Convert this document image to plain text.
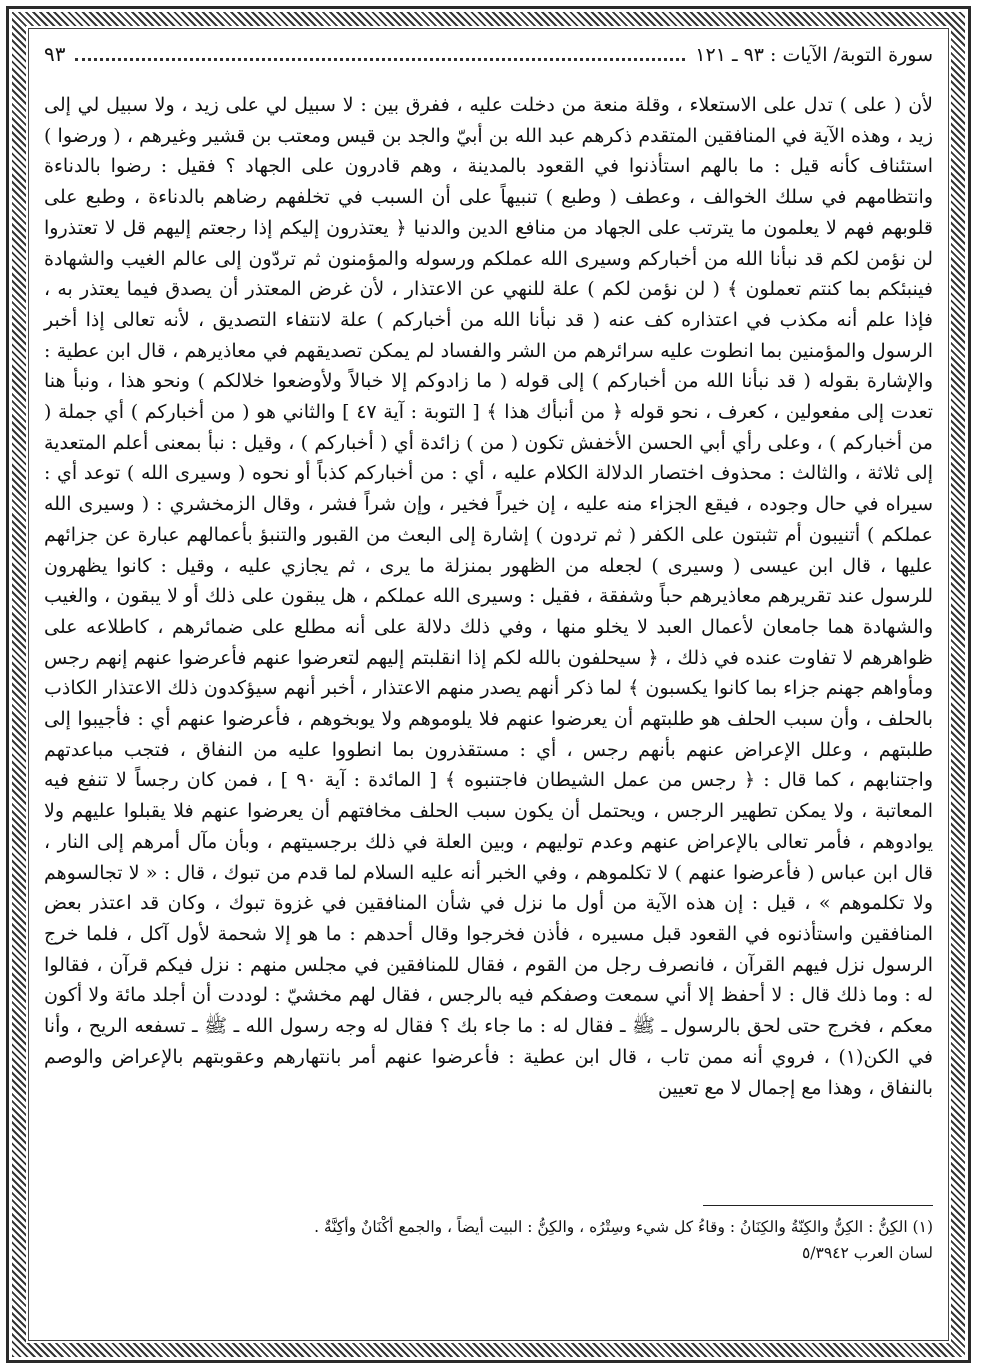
سورة التوبة/ الآيات : ٩٣ ـ ١٢١
٩٣

لأن ( على ) تدل على الاستعلاء ، وقلة منعة من دخلت عليه ، ففرق بين : لا سبيل لي على زيد ، ولا سبيل لي إلى زيد ، وهذه الآية في المنافقين المتقدم ذكرهم عبد الله بن أبيّ والجد بن قيس ومعتب بن قشير وغيرهم ، ( ورضوا ) استئناف كأنه قيل : ما بالهم استأذنوا في القعود بالمدينة ، وهم قادرون على الجهاد ؟ فقيل : رضوا بالدناءة وانتظامهم في سلك الخوالف ، وعطف ( وطبع ) تنبيهاً على أن السبب في تخلفهم رضاهم بالدناءة ، وطبع على قلوبهم فهم لا يعلمون ما يترتب على الجهاد من منافع الدين والدنيا ﴿ يعتذرون إليكم إذا رجعتم إليهم قل لا تعتذروا لن نؤمن لكم قد نبأنا الله من أخباركم وسيرى الله عملكم ورسوله والمؤمنون ثم تردّون إلى عالم الغيب والشهادة فينبئكم بما كنتم تعملون ﴾ ( لن نؤمن لكم ) علة للنهي عن الاعتذار ، لأن غرض المعتذر أن يصدق فيما يعتذر به ، فإذا علم أنه مكذب في اعتذاره كف عنه ( قد نبأنا الله من أخباركم ) علة لانتفاء التصديق ، لأنه تعالى إذا أخبر الرسول والمؤمنين بما انطوت عليه سرائرهم من الشر والفساد لم يمكن تصديقهم في معاذيرهم ، قال ابن عطية : والإشارة بقوله ( قد نبأنا الله من أخباركم ) إلى قوله ( ما زادوكم إلا خبالاً ولأوضعوا خلالكم ) ونحو هذا ، ونبأ هنا تعدت إلى مفعولين ، كعرف ، نحو قوله ﴿ من أنبأك هذا ﴾ [ التوبة : آية ٤٧ ] والثاني هو ( من أخباركم ) أي جملة ( من أخباركم ) ، وعلى رأي أبي الحسن الأخفش تكون ( من ) زائدة أي ( أخباركم ) ، وقيل : نبأ بمعنى أعلم المتعدية إلى ثلاثة ، والثالث : محذوف اختصار الدلالة الكلام عليه ، أي : من أخباركم كذباً أو نحوه ( وسيرى الله ) توعد أي : سيراه في حال وجوده ، فيقع الجزاء منه عليه ، إن خيراً فخير ، وإن شراً فشر ، وقال الزمخشري : ( وسيرى الله عملكم ) أتنيبون أم تثبتون على الكفر ( ثم تردون ) إشارة إلى البعث من القبور والتنبؤ بأعمالهم عبارة عن جزائهم عليها ، قال ابن عيسى ( وسيرى ) لجعله من الظهور بمنزلة ما يرى ، ثم يجازي عليه ، وقيل : كانوا يظهرون للرسول عند تقريرهم معاذيرهم حباً وشفقة ، فقيل : وسيرى الله عملكم ، هل يبقون على ذلك أو لا يبقون ، والغيب والشهادة هما جامعان لأعمال العبد لا يخلو منها ، وفي ذلك دلالة على أنه مطلع على ضمائرهم ، كاطلاعه على ظواهرهم لا تفاوت عنده في ذلك ، ﴿ سيحلفون بالله لكم إذا انقلبتم إليهم لتعرضوا عنهم فأعرضوا عنهم إنهم رجس ومأواهم جهنم جزاء بما كانوا يكسبون ﴾ لما ذكر أنهم يصدر منهم الاعتذار ، أخبر أنهم سيؤكدون ذلك الاعتذار الكاذب بالحلف ، وأن سبب الحلف هو طلبتهم أن يعرضوا عنهم فلا يلوموهم ولا يوبخوهم ، فأعرضوا عنهم أي : فأجيبوا إلى طلبتهم ، وعلل الإعراض عنهم بأنهم رجس ، أي : مستقذرون بما انطووا عليه من النفاق ، فتجب مباعدتهم واجتنابهم ، كما قال : ﴿ رجس من عمل الشيطان فاجتنبوه ﴾ [ المائدة : آية ٩٠ ] ، فمن كان رجساً لا تنفع فيه المعاتبة ، ولا يمكن تطهير الرجس ، ويحتمل أن يكون سبب الحلف مخافتهم أن يعرضوا عنهم فلا يقبلوا عليهم ولا يوادوهم ، فأمر تعالى بالإعراض عنهم وعدم توليهم ، وبين العلة في ذلك برجسيتهم ، وبأن مآل أمرهم إلى النار ، قال ابن عباس ( فأعرضوا عنهم ) لا تكلموهم ، وفي الخبر أنه عليه السلام لما قدم من تبوك ، قال : « لا تجالسوهم ولا تكلموهم » ، قيل : إن هذه الآية من أول ما نزل في شأن المنافقين في غزوة تبوك ، وكان قد اعتذر بعض المنافقين واستأذنوه في القعود قبل مسيره ، فأذن فخرجوا وقال أحدهم : ما هو إلا شحمة لأول آكل ، فلما خرج الرسول نزل فيهم القرآن ، فانصرف رجل من القوم ، فقال للمنافقين في مجلس منهم : نزل فيكم قرآن ، فقالوا له : وما ذلك قال : لا أحفظ إلا أني سمعت وصفكم فيه بالرجس ، فقال لهم مخشيّ : لوددت أن أجلد مائة ولا أكون معكم ، فخرج حتى لحق بالرسول ـ ﷺ ـ فقال له : ما جاء بك ؟ فقال له وجه رسول الله ـ ﷺ ـ تسفعه الريح ، وأنا في الكن(١) ، فروي أنه ممن تاب ، قال ابن عطية : فأعرضوا عنهم أمر بانتهارهم وعقوبتهم بالإعراض والوصم بالنفاق ، وهذا مع إجمال لا مع تعيين

(١) الكِنُّ : الكِنُّ والكِنّةُ والكِنَانُ : وقاءُ كل شيء وسِتْرُه ، والكِنُّ : البيت أيضاً ، والجمع أكْنَانٌ وأكِنَّةٌ .

لسان العرب ٥/٣٩٤٢
